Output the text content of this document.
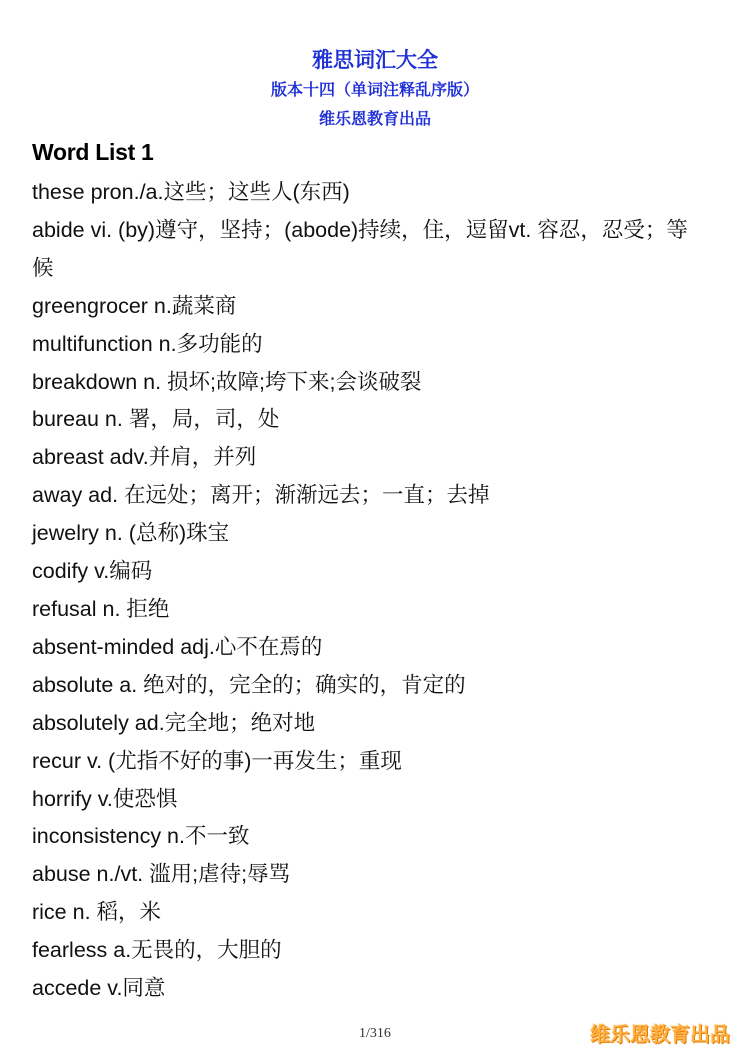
雅思词汇大全
版本十四（单词注释乱序版）
维乐恩教育出品
Word List 1
these pron./a.这些；这些人(东西)
abide vi. (by)遵守，坚持；(abode)持续，住，逗留vt. 容忍，忍受；等候
greengrocer n.蔬菜商
multifunction n.多功能的
breakdown n. 损坏;故障;垮下来;会谈破裂
bureau n. 署，局，司，处
abreast adv.并肩，并列
away ad. 在远处；离开；渐渐远去；一直；去掉
jewelry n. (总称)珠宝
codify v.编码
refusal n. 拒绝
absent-minded adj.心不在焉的
absolute a. 绝对的，完全的；确实的，肯定的
absolutely ad.完全地；绝对地
recur v. (尤指不好的事)一再发生；重现
horrify v.使恐惧
inconsistency n.不一致
abuse n./vt. 滥用;虐待;辱骂
rice n. 稻，米
fearless a.无畏的，大胆的
accede v.同意
1/316	维乐恩教育出品
